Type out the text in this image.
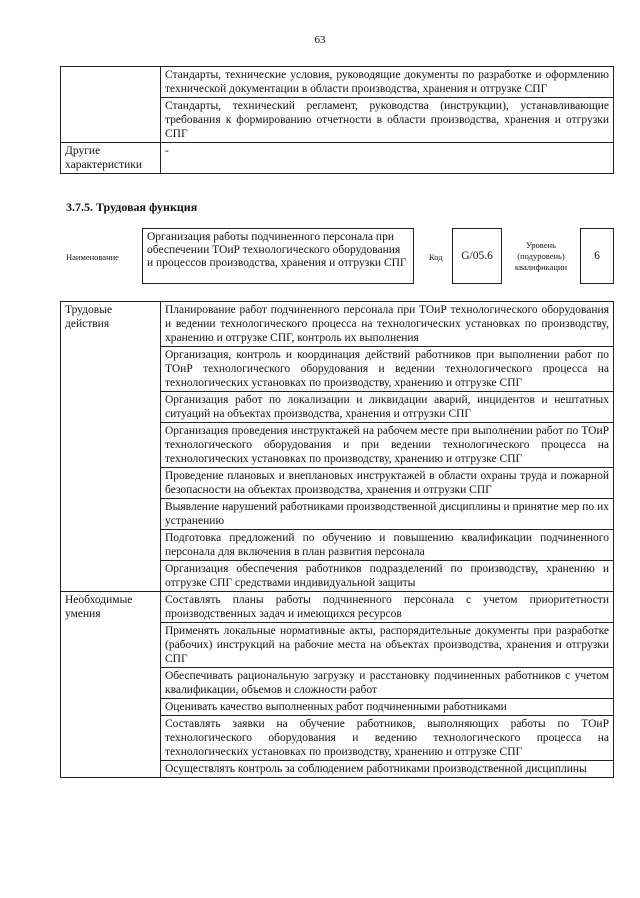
63
	Стандарты, технические условия, руководящие документы по разработке и оформлению технической документации в области производства, хранения и отгрузке СПГ
	Стандарты, технический регламент, руководства (инструкции), устанавливающие требования к формированию отчетности в области производства, хранения и отгрузки СПГ
Другие характеристики	-
3.7.5. Трудовая функция
Наименование
Организация работы подчиненного персонала при обеспечении ТОиР технологического оборудования и процессов производства, хранения и отгрузки СПГ	Код	G/05.6
Уровень (подуровень) квалификации
6
Трудовые действия	Планирование работ подчиненного персонала при ТОиР технологического оборудования и ведении технологического процесса на технологических установках по производству, хранению и отгрузке СПГ, контроль их выполнения
	Организация, контроль и координация действий работников при выполнении работ по ТОиР технологического оборудования и ведении технологического процесса на технологических установках по производству, хранению и отгрузке СПГ
	Организация работ по локализации и ликвидации аварий, инцидентов и нештатных ситуаций на объектах производства, хранения и отгрузки СПГ
	Организация проведения инструктажей на рабочем месте при выполнении работ по ТОиР технологического оборудования и при ведении технологического процесса на технологических установках по производству, хранению и отгрузке СПГ
	Проведение плановых и внеплановых инструктажей в области охраны труда и пожарной безопасности на объектах производства, хранения и отгрузки СПГ
	Выявление нарушений работниками производственной дисциплины и принятие мер по их устранению
	Подготовка предложений по обучению и повышению квалификации подчиненного персонала для включения в план развития персонала
	Организация обеспечения работников подразделений по производству, хранению и отгрузке СПГ средствами индивидуальной защиты
Необходимые умения	Составлять планы работы подчиненного персонала с учетом приоритетности производственных задач и имеющихся ресурсов
	Применять локальные нормативные акты, распорядительные документы при разработке (рабочих) инструкций на рабочие места на объектах производства, хранения и отгрузки СПГ
	Обеспечивать рациональную загрузку и расстановку подчиненных работников с учетом квалификации, объемов и сложности работ
	Оценивать качество выполненных работ подчиненными работниками
	Составлять заявки на обучение работников, выполняющих работы по ТОиР технологического оборудования и ведению технологического процесса на технологических установках по производству, хранению и отгрузке СПГ
	Осуществлять контроль за соблюдением работниками производственной дисциплины
